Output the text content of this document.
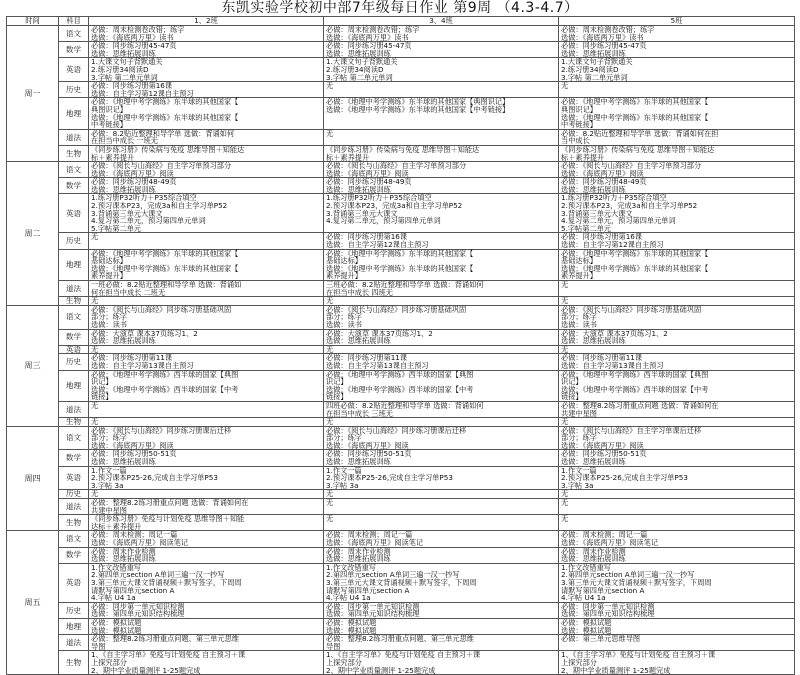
东凯实验学校初中部7年级每日作业 第9周 （4.3-4.7）
时间	科目	1、2班	3、4班	5班
周一	语文	必做：周末检测卷改错；练字
选做：《海底两万里》读书	必做：周末检测卷改错；练字
选做：《海底两万里》读书	必做：周末检测卷改错；练字
选做：《海底两万里》读书

	数学	必做：同步练习册45-47页
选做：思维拓展训练	必做：同步练习册45-47页
选做：思维拓展训练	必做：同步练习册45-47页
选做：思维拓展训练

	英语	1.大课文句子背默通关
2.练习册34阅读D
3.字帖 第二单元单词	1.大课文句子背默通关
2.练习册34阅读D
3.字帖 第二单元单词	1.大课文句子背默通关
2.练习册34阅读D
3.字帖 第二单元单词

	历史	必做：同步练习册第16课
选做：自主学习第12课自主预习	无	无

	地理	必做：《地理中考学测练》东半球的其他国家【
典图识记】
选做：《地理中考学测练》东半球的其他国家【
中考链接】	必做：《地理中考学测练》东半球的其他国家【典图识记】
选做：《地理中考学测练》东半球的其他国家【中考链接】	必做：《地理中考学测练》东半球的其他国家【
典图识记】
选做：《地理中考学测练》东半球的其他国家【
中考链接】

	道法	必做：8.2贴近整理和导学单 选做：背诵如何
在担当中成长 一班无	无	必做：8.2贴近整理和导学单 选做：背诵如何在担
当中成长

	生物	《同步练习册》传染病与免疫 思维导图＋知能达
标＋素养提升	《同步练习册》传染病与免疫 思维导图＋知能达
标＋素养提升	《同步练习册》传染病与免疫 思维导图＋知能达
标＋素养提升

周二	语文	必做：《阅长与山海经》自主学习单预习部分
选做：《海底两万里》阅读	必做：《阅长与山海经》自主学习单预习部分
选做：《海底两万里》阅读	必做：《阅长与山海经》自主学习单预习部分
选做：《海底两万里》阅读

	数学	必做：同步练习册48-49页
选做：思维拓展训练	必做：同步练习册48-49页
选做：思维拓展训练	必做：同步练习册48-49页
选做：思维拓展训练

	英语	1.练习册P32听力＋P35综合填空
2.预习课本P23，完成3a和自主学习单P52
3.背诵第三单元大课文
4.复习第二单元，预习第四单元单词
5.字帖第二单元	1.练习册P32听力＋P35综合填空
2.预习课本P23，完成3a和自主学习单P52
3.背诵第三单元大课文
4.复习第二单元，预习第四单元单词	1.练习册P32听力＋P35综合填空
2.预习课本P23，完成3a和自主学习单P52
3.背诵第三单元大课文
4.复习第二单元，预习第四单元单词
5.字帖第二单元

	历史	无	必做：同步练习册第16课
选做：自主学习第12课自主预习	必做：同步练习册第16课
选做：自主学习第12课自主预习

	地理	必做：《地理中考学测练》东半球的其他国家【
基础达标】
选做：《地理中考学测练》东半球的其他国家【
素养提升】	必做：《地理中考学测练》东半球的其他国家【
基础达标】
选做：《地理中考学测练》东半球的其他国家【
素养提升】	必做：《地理中考学测练》东半球的其他国家【
基础达标】
选做：《地理中考学测练》东半球的其他国家【
素养提升】

	道法	一班必做：8.2贴近整理和导学单 选做：背诵如
何在担当中成长 二班无	三班必做：8.2贴近整理和导学单 选做：背诵如何
在担当中成长 四班无	无

	生物	无	无	无

周三	语文	必做：《阅长与山海经》同步练习册基础巩固
部分；练字
选做：读书	必做：《阅长与山海经》同步练习册基础巩固
部分；练字
选做：读书	必做：《阅长与山海经》同步练习册基础巩固
部分；练字
选做：读书

	数学	必做：大演草 课本37页练习1、2
选做：思维拓展训练	必做：大演草 课本37页练习1、2
选做：思维拓展训练	必做：大演草 课本37页练习1、2
选做：思维拓展训练

	英语	无	无	无

	历史	必做：同步练习册第11课
选做：自主学习第13课自主预习	必做：同步练习册第11课
选做：自主学习第13课自主预习	必做：同步练习册第11课
选做：自主学习第13课自主预习

	地理	必做：《地理中考学测练》西半球的国家【典图
识记】
选做：《地理中考学测练》西半球的国家【中考
链接】	必做：《地理中考学测练》西半球的国家【典图
识记】
选做：《地理中考学测练》西半球的国家【中考
链接】	必做：《地理中考学测练》西半球的国家【典图
识记】
选做：《地理中考学测练》西半球的国家【中考
链接】

	道法	无	四班必做：8.2贴近整理和导学单 选做：背诵如何
在担当中成长 三班无	必做：整理8.2练习册重点问题 选做：背诵如何在
共建中星图

	生物	无	无	无

周四	语文	必做：《阅长与山海经》同步练习册课后迁移
部分；练字
选做：《海底两万里》阅读	必做：《阅长与山海经》同步练习册课后迁移
部分；练字
选做：《海底两万里》阅读	必做：《阅长与山海经》自主学习单课后迁移
部分；练字
选做：《海底两万里》阅读

	数学	必做：同步练习册50-51页
选做：思维拓展训练	必做：同步练习册50-51页
选做：思维拓展训练	必做：同步练习册50-51页
选做：思维拓展训练

	英语	1.作文一篇
2.预习课本P25-26,完成自主学习单P53
3.字帖 3a	1.作文一篇
2.预习课本P25-26,完成自主学习单P53
3.字帖 3a	1.作文一篇
2.预习课本P25-26,完成自主学习单P53
3.字帖 3a

	历史	无	无	无

	道法	必做：整理8.2练习册重点问题 选做：背诵如何在
共建中星图	无	无

	生物	《同步练习册》免疫与计划免疫 思维导图＋知能
达标＋素养提升	无	无

周五	语文	必做：周末检测；周记一篇
选做：《海底两万里》阅读笔记	必做：周末检测；周记一篇
选做：《海底两万里》阅读笔记	必做：周末检测；周记一篇
选做：《海底两万里》阅读笔记

	数学	必做：周末作业检测
选做：思维拓展训练	必做：周末作业检测
选做：思维拓展训练	必做：周末作业检测
选做：思维拓展训练

	英语	1.作文改错重写
2.第四单元section A单词三遍一汉一抄写
3.第三单元大课文背诵视频＋默写签字，下周周
请默写第四单元section A
4.字帖 U4 1a	1.作文改错重写
2.第四单元section A单词三遍一汉一抄写
3.第三单元大课文背诵视频＋默写签字，下周周
请默写第四单元section A
4.字帖 U4 1a	1.作文改错重写
2.第四单元section A单词三遍一汉一抄写
3.第三单元大课文背诵视频＋默写签字，下周周
请默写第四单元section A
4.字帖 U4 1a

	历史	必做：同步第一单元知识检测
选做：第四单元知识结构梳理	必做：同步第一单元知识检测
选做：第四单元知识结构梳理	必做：同步第一单元知识检测
选做：第四单元知识结构梳理

	地理	必做：模拟试题
选做：模拟试题	必做：模拟试题
选做：模拟试题	必做：模拟试题
选做：模拟试题

	道法	必做：整理8.2练习册重点问题、第三单元思维
导图	必做：整理8.2练习册重点问题、第三单元思维
导图	必做：第三单元思维导图

	生物	1、《自主学习单》免疫与计划免疫 自主预习＋课
上探究部分
2、期中学业质量测评 1-25题完成	1、《自主学习单》免疫与计划免疫 自主预习＋课
上探究部分
2、期中学业质量测评 1-25题完成	1、《自主学习单》免疫与计划免疫 自主预习＋课
上探究部分
2、期中学业质量测评 1-25题完成
